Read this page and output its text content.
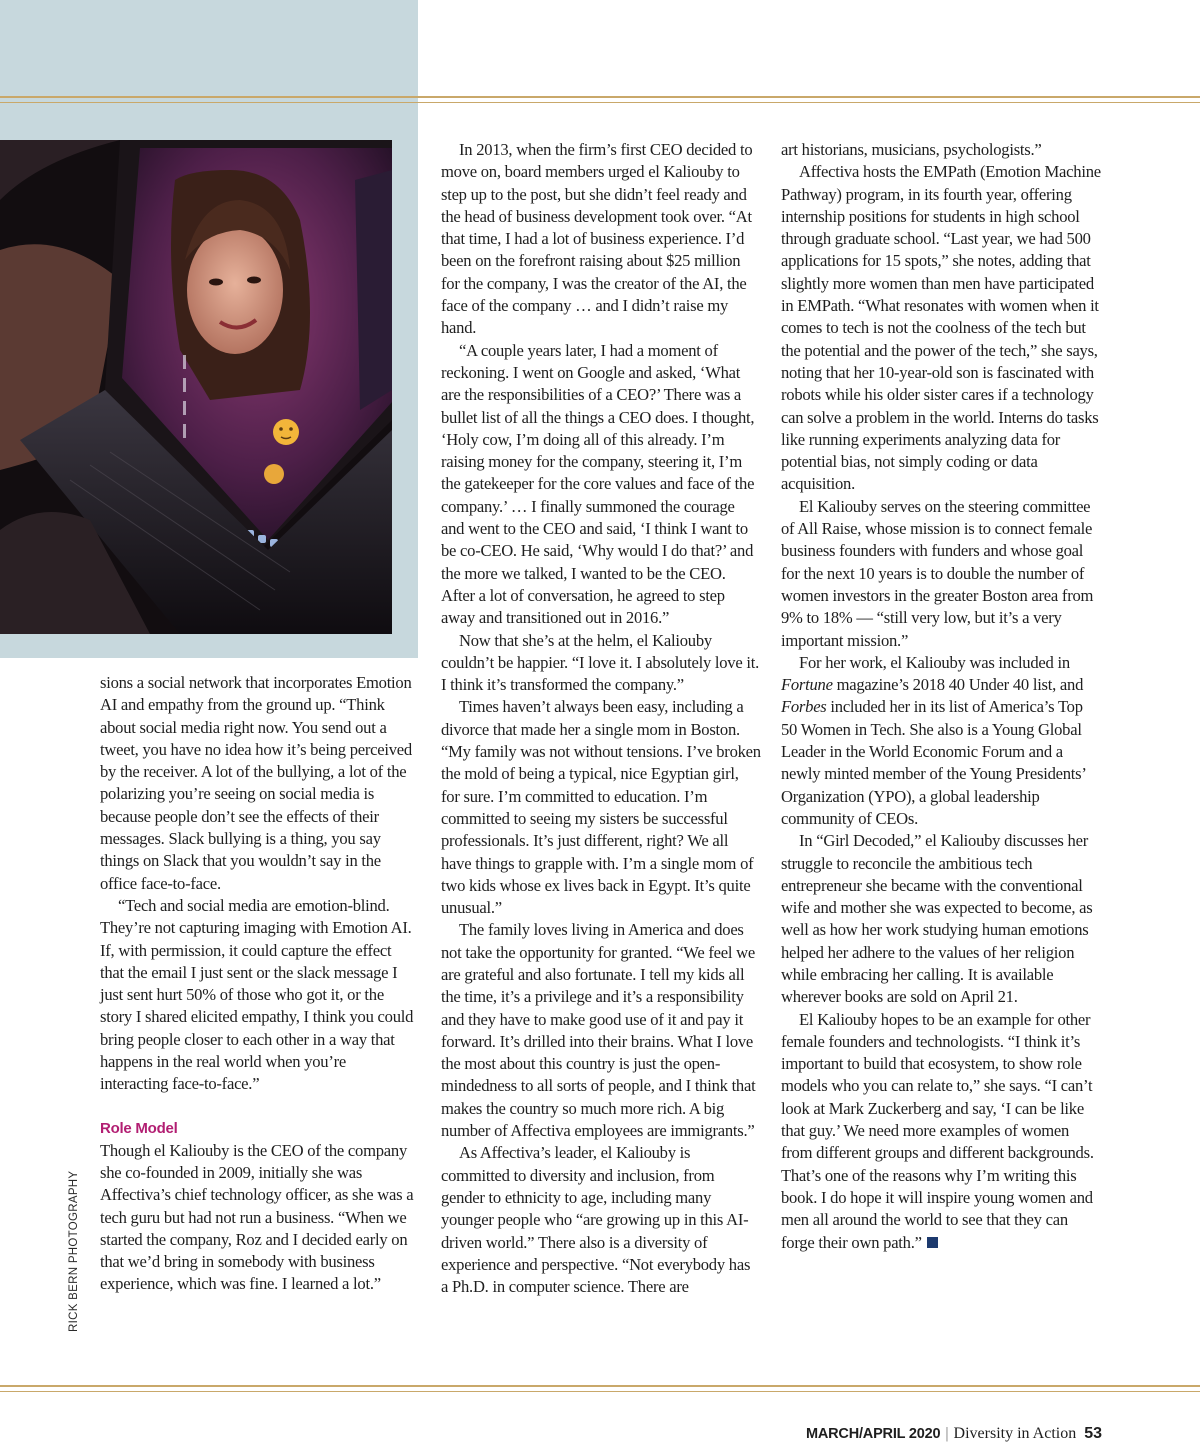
sions a social network that incorporates Emotion AI and empathy from the ground up. “Think about social media right now. You send out a tweet, you have no idea how it’s being perceived by the receiver. A lot of the bullying, a lot of the polarizing you’re seeing on social media is because people don’t see the effects of their messages. Slack bullying is a thing, you say things on Slack that you wouldn’t say in the office face-to-face.

“Tech and social media are emotion-blind. They’re not capturing imaging with Emotion AI. If, with permission, it could capture the effect that the email I just sent or the slack message I just sent hurt 50% of those who got it, or the story I shared elicited empathy, I think you could bring people closer to each other in a way that happens in the real world when you’re interacting face-to-face.”

Role Model

Though el Kaliouby is the CEO of the company she co-founded in 2009, initially she was Affectiva’s chief technology officer, as she was a tech guru but had not run a business. “When we started the company, Roz and I decided early on that we’d bring in somebody with business experience, which was fine. I learned a lot.”

In 2013, when the firm’s first CEO decided to move on, board members urged el Kaliouby to step up to the post, but she didn’t feel ready and the head of business development took over. “At that time, I had a lot of business experience. I’d been on the forefront raising about $25 million for the company, I was the creator of the AI, the face of the company … and I didn’t raise my hand.

“A couple years later, I had a moment of reckoning. I went on Google and asked, ‘What are the responsibilities of a CEO?’ There was a bullet list of all the things a CEO does. I thought, ‘Holy cow, I’m doing all of this already. I’m raising money for the company, steering it, I’m the gatekeeper for the core values and face of the company.’ … I finally summoned the courage and went to the CEO and said, ‘I think I want to be co-CEO. He said, ‘Why would I do that?’ and the more we talked, I wanted to be the CEO. After a lot of conversation, he agreed to step away and transitioned out in 2016.”

Now that she’s at the helm, el Kaliouby couldn’t be happier. “I love it. I absolutely love it. I think it’s transformed the company.”

Times haven’t always been easy, including a divorce that made her a single mom in Boston. “My family was not without tensions. I’ve broken the mold of being a typical, nice Egyptian girl, for sure. I’m committed to education. I’m committed to seeing my sisters be successful professionals. It’s just different, right? We all have things to grapple with. I’m a single mom of two kids whose ex lives back in Egypt. It’s quite unusual.”

The family loves living in America and does not take the opportunity for granted. “We feel we are grateful and also fortunate. I tell my kids all the time, it’s a privilege and it’s a responsibility and they have to make good use of it and pay it forward. It’s drilled into their brains. What I love the most about this country is just the open-mindedness to all sorts of people, and I think that makes the country so much more rich. A big number of Affectiva employees are immigrants.”

As Affectiva’s leader, el Kaliouby is committed to diversity and inclusion, from gender to ethnicity to age, including many younger people who “are growing up in this AI-driven world.” There also is a diversity of experience and perspective. “Not everybody has a Ph.D. in computer science. There are

art historians, musicians, psychologists.”

Affectiva hosts the EMPath (Emotion Machine Pathway) program, in its fourth year, offering internship positions for students in high school through graduate school. “Last year, we had 500 applications for 15 spots,” she notes, adding that slightly more women than men have participated in EMPath. “What resonates with women when it comes to tech is not the coolness of the tech but the potential and the power of the tech,” she says, noting that her 10-year-old son is fascinated with robots while his older sister cares if a technology can solve a problem in the world. Interns do tasks like running experiments analyzing data for potential bias, not simply coding or data acquisition.

El Kaliouby serves on the steering committee of All Raise, whose mission is to connect female business founders with funders and whose goal for the next 10 years is to double the number of women investors in the greater Boston area from 9% to 18% — “still very low, but it’s a very important mission.”

For her work, el Kaliouby was included in Fortune magazine’s 2018 40 Under 40 list, and Forbes included her in its list of America’s Top 50 Women in Tech. She also is a Young Global Leader in the World Economic Forum and a newly minted member of the Young Presidents’ Organization (YPO), a global leadership community of CEOs.

In “Girl Decoded,” el Kaliouby discusses her struggle to reconcile the ambitious tech entrepreneur she became with the conventional wife and mother she was expected to become, as well as how her work studying human emotions helped her adhere to the values of her religion while embracing her calling. It is available wherever books are sold on April 21.

El Kaliouby hopes to be an example for other female founders and technologists. “I think it’s important to build that ecosystem, to show role models who you can relate to,” she says. “I can’t look at Mark Zuckerberg and say, ‘I can be like that guy.’ We need more examples of women from different groups and different backgrounds. That’s one of the reasons why I’m writing this book. I do hope it will inspire young women and men all around the world to see that they can forge their own path.”

RICK BERN PHOTOGRAPHY
MARCH/APRIL 2020 | Diversity in Action 53
